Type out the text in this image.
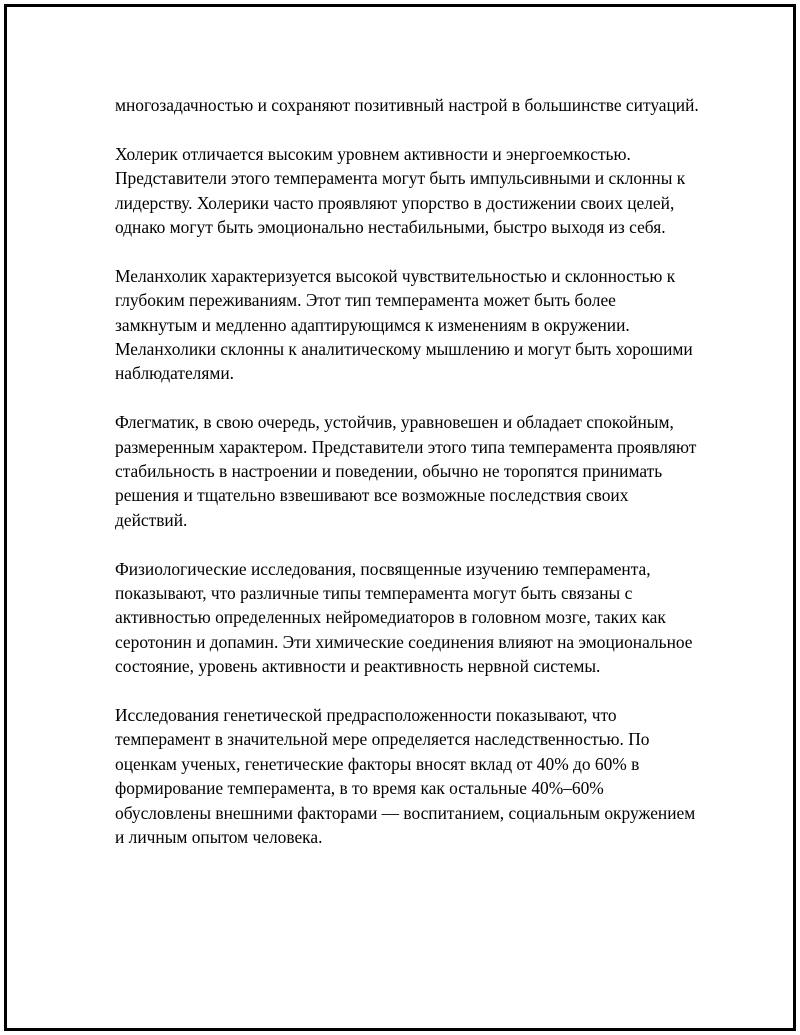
многозадачностью и сохраняют позитивный настрой в большинстве ситуаций.

Холерик отличается высоким уровнем активности и энергоемкостью. Представители этого темперамента могут быть импульсивными и склонны к лидерству. Холерики часто проявляют упорство в достижении своих целей, однако могут быть эмоционально нестабильными, быстро выходя из себя.

Меланхолик характеризуется высокой чувствительностью и склонностью к глубоким переживаниям. Этот тип темперамента может быть более замкнутым и медленно адаптирующимся к изменениям в окружении. Меланхолики склонны к аналитическому мышлению и могут быть хорошими наблюдателями.

Флегматик, в свою очередь, устойчив, уравновешен и обладает спокойным, размеренным характером. Представители этого типа темперамента проявляют стабильность в настроении и поведении, обычно не торопятся принимать решения и тщательно взвешивают все возможные последствия своих действий.

Физиологические исследования, посвященные изучению темперамента, показывают, что различные типы темперамента могут быть связаны с активностью определенных нейромедиаторов в головном мозге, таких как серотонин и допамин. Эти химические соединения влияют на эмоциональное состояние, уровень активности и реактивность нервной системы.

Исследования генетической предрасположенности показывают, что темперамент в значительной мере определяется наследственностью. По оценкам ученых, генетические факторы вносят вклад от 40% до 60% в формирование темперамента, в то время как остальные 40%–60% обусловлены внешними факторами — воспитанием, социальным окружением и личным опытом человека.
